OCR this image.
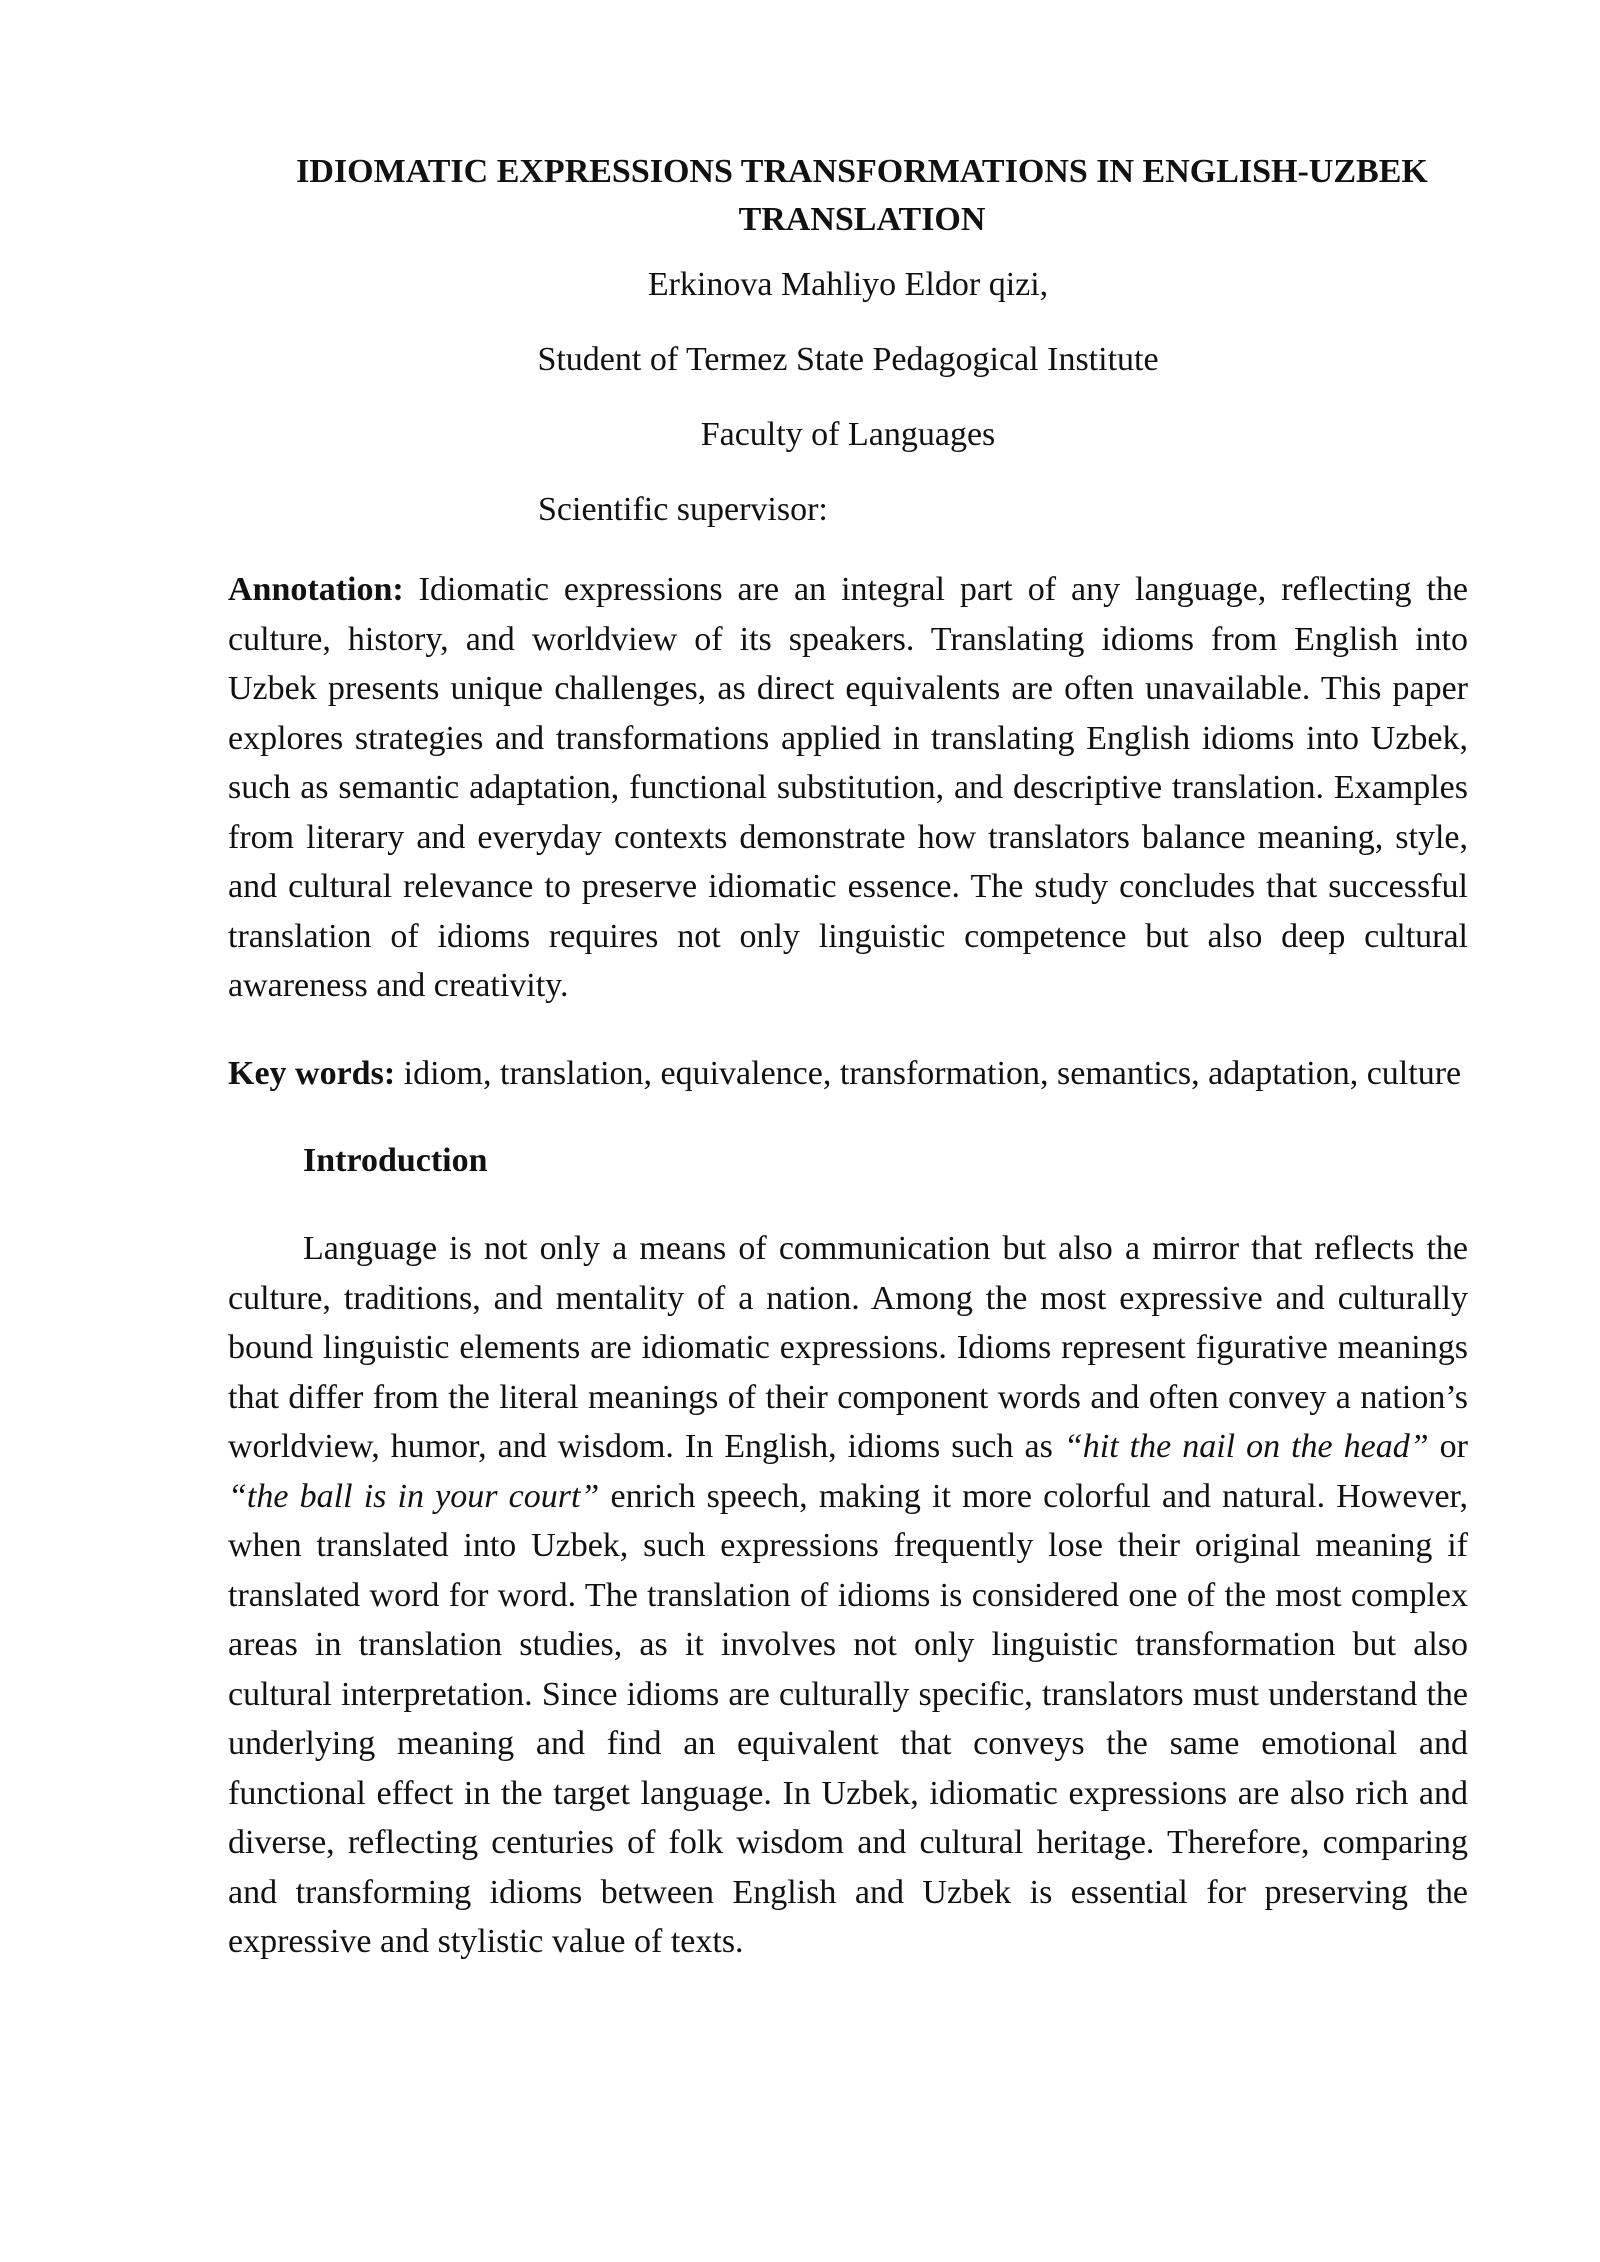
IDIOMATIC EXPRESSIONS TRANSFORMATIONS IN ENGLISH-UZBEK TRANSLATION

Erkinova Mahliyo Eldor qizi,

Student of Termez State Pedagogical Institute

Faculty of Languages

Scientific supervisor:

Annotation: Idiomatic expressions are an integral part of any language, reflecting the culture, history, and worldview of its speakers. Translating idioms from English into Uzbek presents unique challenges, as direct equivalents are often unavailable. This paper explores strategies and transformations applied in translating English idioms into Uzbek, such as semantic adaptation, functional substitution, and descriptive translation. Examples from literary and everyday contexts demonstrate how translators balance meaning, style, and cultural relevance to preserve idiomatic essence. The study concludes that successful translation of idioms requires not only linguistic competence but also deep cultural awareness and creativity.

Key words: idiom, translation, equivalence, transformation, semantics, adaptation, culture

Introduction

Language is not only a means of communication but also a mirror that reflects the culture, traditions, and mentality of a nation. Among the most expressive and culturally bound linguistic elements are idiomatic expressions. Idioms represent figurative meanings that differ from the literal meanings of their component words and often convey a nation’s worldview, humor, and wisdom. In English, idioms such as “hit the nail on the head” or “the ball is in your court” enrich speech, making it more colorful and natural. However, when translated into Uzbek, such expressions frequently lose their original meaning if translated word for word. The translation of idioms is considered one of the most complex areas in translation studies, as it involves not only linguistic transformation but also cultural interpretation. Since idioms are culturally specific, translators must understand the underlying meaning and find an equivalent that conveys the same emotional and functional effect in the target language. In Uzbek, idiomatic expressions are also rich and diverse, reflecting centuries of folk wisdom and cultural heritage. Therefore, comparing and transforming idioms between English and Uzbek is essential for preserving the expressive and stylistic value of texts.
